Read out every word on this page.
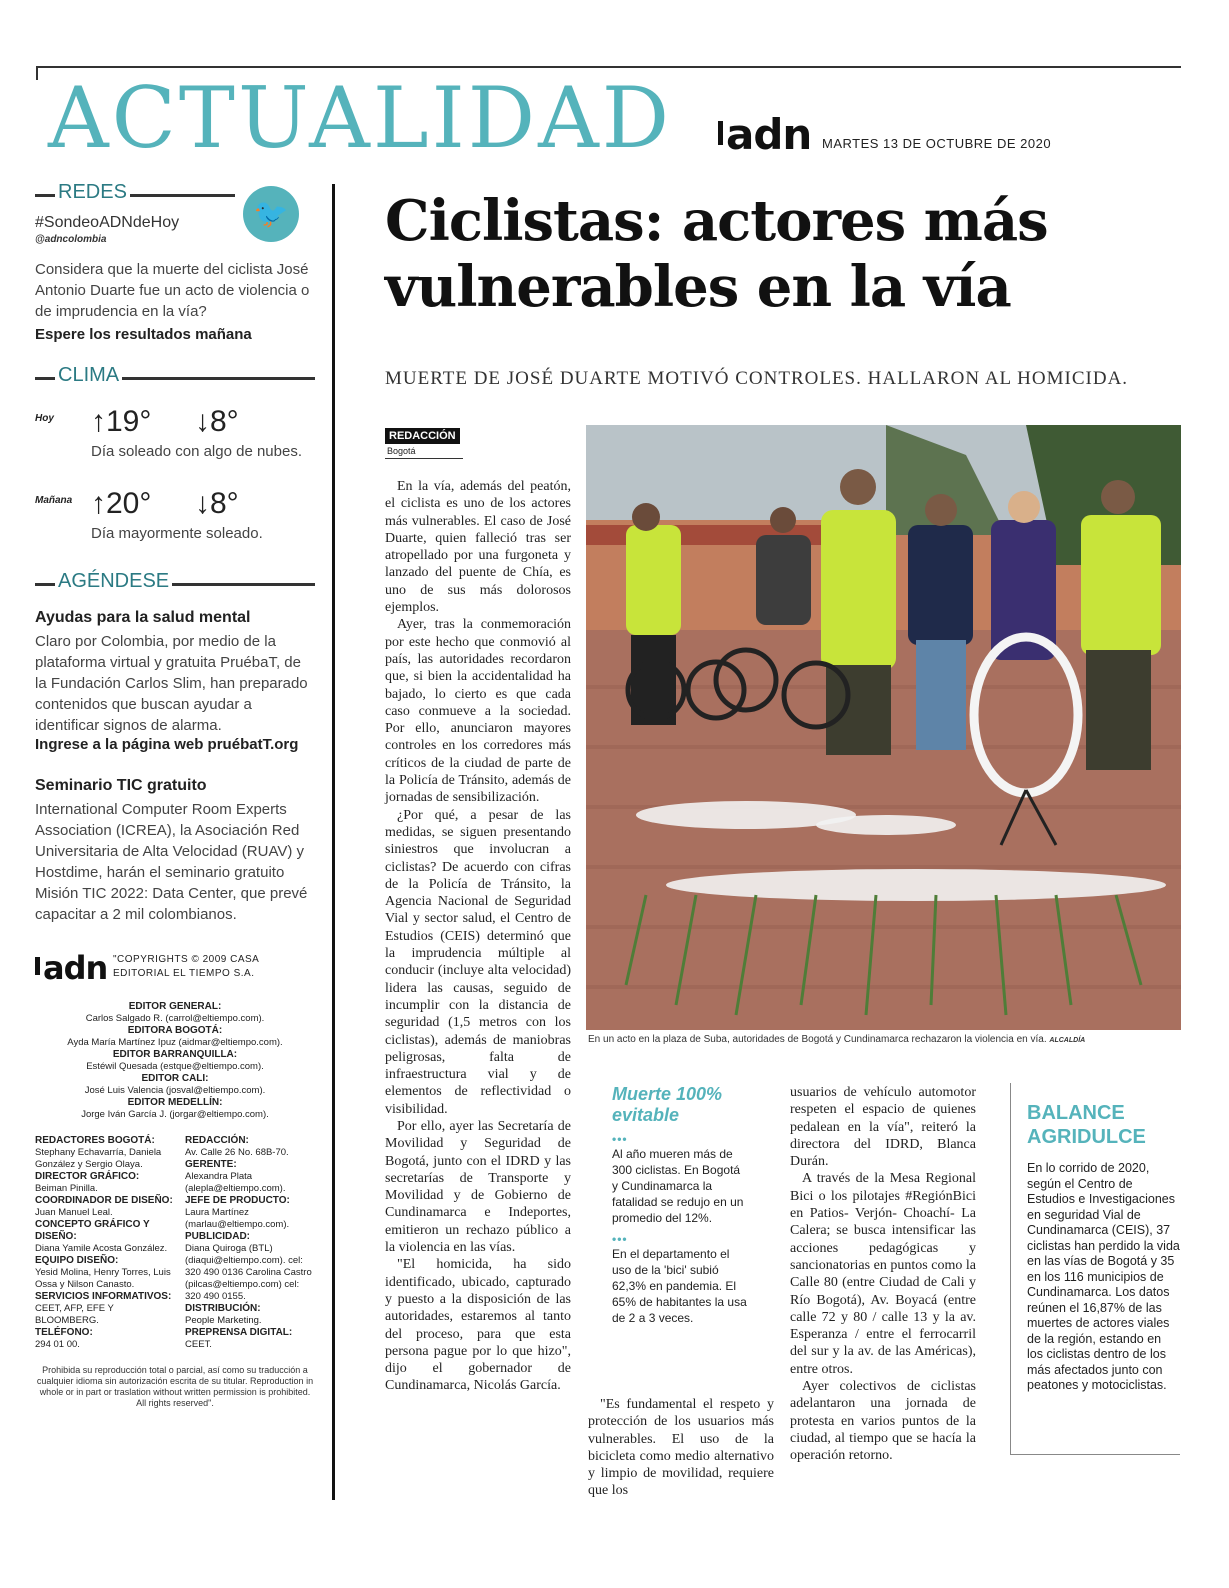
ACTUALIDAD adn MARTES 13 DE OCTUBRE DE 2020
REDES
🐦
#SondeoADNdeHoy
@adncolombia
Considera que la muerte del ciclista José Antonio Duarte fue un acto de violencia o de imprudencia en la vía?
Espere los resultados mañana
CLIMA
Hoy ↑19° ↓8°
Día soleado con algo de nubes.
Mañana ↑20° ↓8°
Día mayormente soleado.
AGÉNDESE
Ayudas para la salud mental
Claro por Colombia, por medio de la plataforma virtual y gratuita PruébaT, de la Fundación Carlos Slim, han preparado contenidos que buscan ayudar a identificar signos de alarma.
Ingrese a la página web pruébatT.org
Seminario TIC gratuito
International Computer Room Experts Association (ICREA), la Asociación Red Universitaria de Alta Velocidad (RUAV) y Hostdime, harán el seminario gratuito Misión TIC 2022: Data Center, que prevé capacitar a 2 mil colombianos.
adn "COPYRIGHTS © 2009 CASA
EDITORIAL EL TIEMPO S.A.
EDITOR GENERAL:
Carlos Salgado R. (carrol@eltiempo.com).
EDITORA BOGOTÁ:
Ayda María Martínez Ipuz (aidmar@eltiempo.com).
EDITOR BARRANQUILLA:
Estéwil Quesada (estque@eltiempo.com).
EDITOR CALI:
José Luis Valencia (josval@eltiempo.com).
EDITOR MEDELLÍN:
Jorge Iván García J. (jorgar@eltiempo.com).
REDACTORES BOGOTÁ:
Stephany Echavarría, Daniela González y Sergio Olaya.
DIRECTOR GRÁFICO:
Beiman Pinilla.
COORDINADOR DE DISEÑO:
Juan Manuel Leal.
CONCEPTO GRÁFICO Y DISEÑO:
Diana Yamile Acosta González.
EQUIPO DISEÑO:
Yesid Molina, Henry Torres, Luis Ossa y Nilson Canasto.
SERVICIOS INFORMATIVOS:
CEET, AFP, EFE Y BLOOMBERG.
TELÉFONO:
294 01 00.
REDACCIÓN:
Av. Calle 26 No. 68B-70.
GERENTE:
Alexandra Plata (aleplа@eltiempo.com).
JEFE DE PRODUCTO:
Laura Martínez (marlau@eltiempo.com).
PUBLICIDAD:
Diana Quiroga (BTL) (diaqui@eltiempo.com). cel: 320 490 0136 Carolina Castro (pilcas@eltiempo.com) cel: 320 490 0155.
DISTRIBUCIÓN:
People Marketing.
PREPRENSA DIGITAL:
CEET.
Prohibida su reproducción total o parcial, así como su traducción a cualquier idioma sin autorización escrita de su titular. Reproduction in whole or in part or traslation without written permission is prohibited. All rights reserved".
Ciclistas: actores más vulnerables en la vía
MUERTE DE JOSÉ DUARTE MOTIVÓ CONTROLES. HALLARON AL HOMICIDA.
REDACCIÓN
Bogotá

En la vía, además del peatón, el ciclista es uno de los actores más vulnerables. El caso de José Duarte, quien falleció tras ser atropellado por una furgoneta y lanzado del puente de Chía, es uno de sus más dolorosos ejemplos.

Ayer, tras la conmemoración por este hecho que conmovió al país, las autoridades recordaron que, si bien la accidentalidad ha bajado, lo cierto es que cada caso conmueve a la sociedad. Por ello, anunciaron mayores controles en los corredores más críticos de la ciudad de parte de la Policía de Tránsito, además de jornadas de sensibilización.

¿Por qué, a pesar de las medidas, se siguen presentando siniestros que involucran a ciclistas? De acuerdo con cifras de la Policía de Tránsito, la Agencia Nacional de Seguridad Vial y sector salud, el Centro de Estudios (CEIS) determinó que la imprudencia múltiple al conducir (incluye alta velocidad) lidera las causas, seguido de incumplir con la distancia de seguridad (1,5 metros con los ciclistas), además de maniobras peligrosas, falta de infraestructura vial y de elementos de reflectividad o visibilidad.

Por ello, ayer las Secretaría de Movilidad y Seguridad de Bogotá, junto con el IDRD y las secretarías de Transporte y Movilidad y de Gobierno de Cundinamarca e Indeportes, emitieron un rechazo público a la violencia en las vías.

"El homicida, ha sido identificado, ubicado, capturado y puesto a la disposición de las autoridades, estaremos al tanto del proceso, para que esta persona pague por lo que hizo", dijo el gobernador de Cundinamarca, Nicolás García.

En un acto en la plaza de Suba, autoridades de Bogotá y Cundinamarca rechazaron la violencia en vía. ALCALDÍA
Muerte 100% evitable
•••
Al año mueren más de 300 ciclistas. En Bogotá y Cundinamarca la fatalidad se redujo en un promedio del 12%.
•••
En el departamento el uso de la 'bici' subió 62,3% en pandemia. El 65% de habitantes la usa de 2 a 3 veces.

"Es fundamental el respeto y protección de los usuarios más vulnerables. El uso de la bicicleta como medio alternativo y limpio de movilidad, requiere que los

usuarios de vehículo automotor respeten el espacio de quienes pedalean en la vía", reiteró la directora del IDRD, Blanca Durán.

A través de la Mesa Regional Bici o los pilotajes #RegiónBici en Patios- Verjón- Choachí- La Calera; se busca intensificar las acciones pedagógicas y sancionatorias en puntos como la Calle 80 (entre Ciudad de Cali y Río Bogotá), Av. Boyacá (entre calle 72 y 80 / calle 13 y la av. Esperanza / entre el ferrocarril del sur y la av. de las Américas), entre otros.

Ayer colectivos de ciclistas adelantaron una jornada de protesta en varios puntos de la ciudad, al tiempo que se hacía la operación retorno.

BALANCE AGRIDULCE
En lo corrido de 2020, según el Centro de Estudios e Investigaciones en seguridad Vial de Cundinamarca (CEIS), 37 ciclistas han perdido la vida en las vías de Bogotá y 35 en los 116 municipios de Cundinamarca. Los datos reúnen el 16,87% de las muertes de actores viales de la región, estando en los ciclistas dentro de los más afectados junto con peatones y motociclistas.
